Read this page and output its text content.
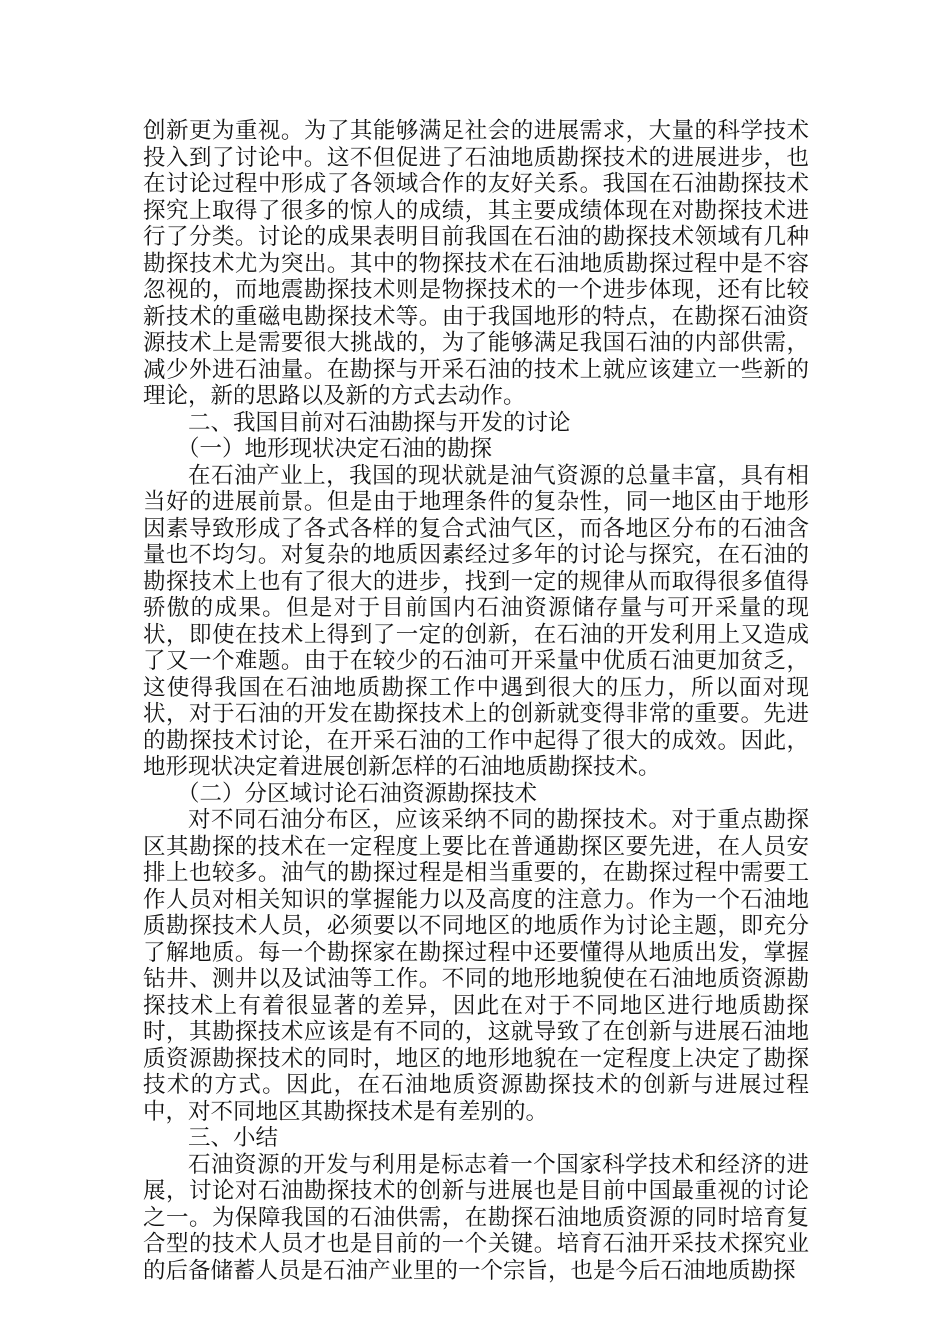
创新更为重视。为了其能够满足社会的进展需求，大量的科学技术投入到了讨论中。这不但促进了石油地质勘探技术的进展进步，也在讨论过程中形成了各领域合作的友好关系。我国在石油勘探技术探究上取得了很多的惊人的成绩，其主要成绩体现在对勘探技术进行了分类。讨论的成果表明目前我国在石油的勘探技术领域有几种勘探技术尤为突出。其中的物探技术在石油地质勘探过程中是不容忽视的，而地震勘探技术则是物探技术的一个进步体现，还有比较新技术的重磁电勘探技术等。由于我国地形的特点，在勘探石油资源技术上是需要很大挑战的，为了能够满足我国石油的内部供需，减少外进石油量。在勘探与开采石油的技术上就应该建立一些新的理论，新的思路以及新的方式去动作。

二、我国目前对石油勘探与开发的讨论

（一）地形现状决定石油的勘探

在石油产业上，我国的现状就是油气资源的总量丰富，具有相当好的进展前景。但是由于地理条件的复杂性，同一地区由于地形因素导致形成了各式各样的复合式油气区，而各地区分布的石油含量也不均匀。对复杂的地质因素经过多年的讨论与探究，在石油的勘探技术上也有了很大的进步，找到一定的规律从而取得很多值得骄傲的成果。但是对于目前国内石油资源储存量与可开采量的现状，即使在技术上得到了一定的创新，在石油的开发利用上又造成了又一个难题。由于在较少的石油可开采量中优质石油更加贫乏，这使得我国在石油地质勘探工作中遇到很大的压力，所以面对现状，对于石油的开发在勘探技术上的创新就变得非常的重要。先进的勘探技术讨论，在开采石油的工作中起得了很大的成效。因此，地形现状决定着进展创新怎样的石油地质勘探技术。

（二）分区域讨论石油资源勘探技术

对不同石油分布区，应该采纳不同的勘探技术。对于重点勘探区其勘探的技术在一定程度上要比在普通勘探区要先进，在人员安排上也较多。油气的勘探过程是相当重要的，在勘探过程中需要工作人员对相关知识的掌握能力以及高度的注意力。作为一个石油地质勘探技术人员，必须要以不同地区的地质作为讨论主题，即充分了解地质。每一个勘探家在勘探过程中还要懂得从地质出发，掌握钻井、测井以及试油等工作。不同的地形地貌使在石油地质资源勘探技术上有着很显著的差异，因此在对于不同地区进行地质勘探时，其勘探技术应该是有不同的，这就导致了在创新与进展石油地质资源勘探技术的同时，地区的地形地貌在一定程度上决定了勘探技术的方式。因此，在石油地质资源勘探技术的创新与进展过程中，对不同地区其勘探技术是有差别的。

三、小结

石油资源的开发与利用是标志着一个国家科学技术和经济的进展，讨论对石油勘探技术的创新与进展也是目前中国最重视的讨论之一。为保障我国的石油供需，在勘探石油地质资源的同时培育复合型的技术人员才也是目前的一个关键。培育石油开采技术探究业的后备储蓄人员是石油产业里的一个宗旨，也是今后石油地质勘探
